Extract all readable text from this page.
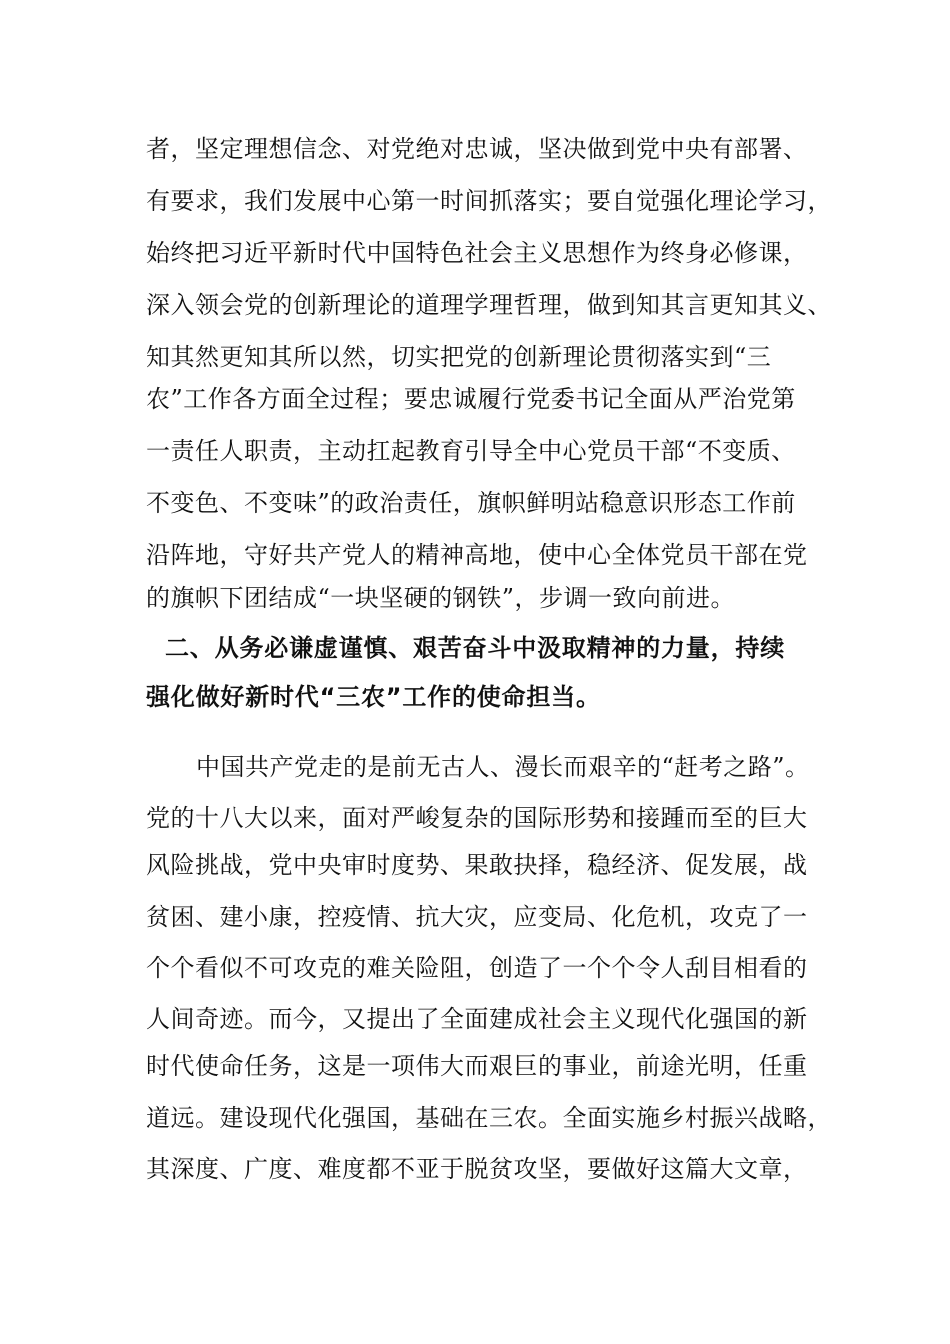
者，坚定理想信念、对党绝对忠诚，坚决做到党中央有部署、
有要求，我们发展中心第一时间抓落实；要自觉强化理论学习，
始终把习近平新时代中国特色社会主义思想作为终身必修课，
深入领会党的创新理论的道理学理哲理，做到知其言更知其义、
知其然更知其所以然，切实把党的创新理论贯彻落实到“三
农”工作各方面全过程；要忠诚履行党委书记全面从严治党第
一责任人职责，主动扛起教育引导全中心党员干部“不变质、
不变色、不变味”的政治责任，旗帜鲜明站稳意识形态工作前
沿阵地，守好共产党人的精神高地，使中心全体党员干部在党
的旗帜下团结成“一块坚硬的钢铁”，步调一致向前进。
二、从务必谦虚谨慎、艰苦奋斗中汲取精神的力量，持续
强化做好新时代“三农”工作的使命担当。
中国共产党走的是前无古人、漫长而艰辛的“赶考之路”。
党的十八大以来，面对严峻复杂的国际形势和接踵而至的巨大
风险挑战，党中央审时度势、果敢抉择，稳经济、促发展，战
贫困、建小康，控疫情、抗大灾，应变局、化危机，攻克了一
个个看似不可攻克的难关险阻，创造了一个个令人刮目相看的
人间奇迹。而今，又提出了全面建成社会主义现代化强国的新
时代使命任务，这是一项伟大而艰巨的事业，前途光明，任重
道远。建设现代化强国，基础在三农。全面实施乡村振兴战略，
其深度、广度、难度都不亚于脱贫攻坚，要做好这篇大文章，
